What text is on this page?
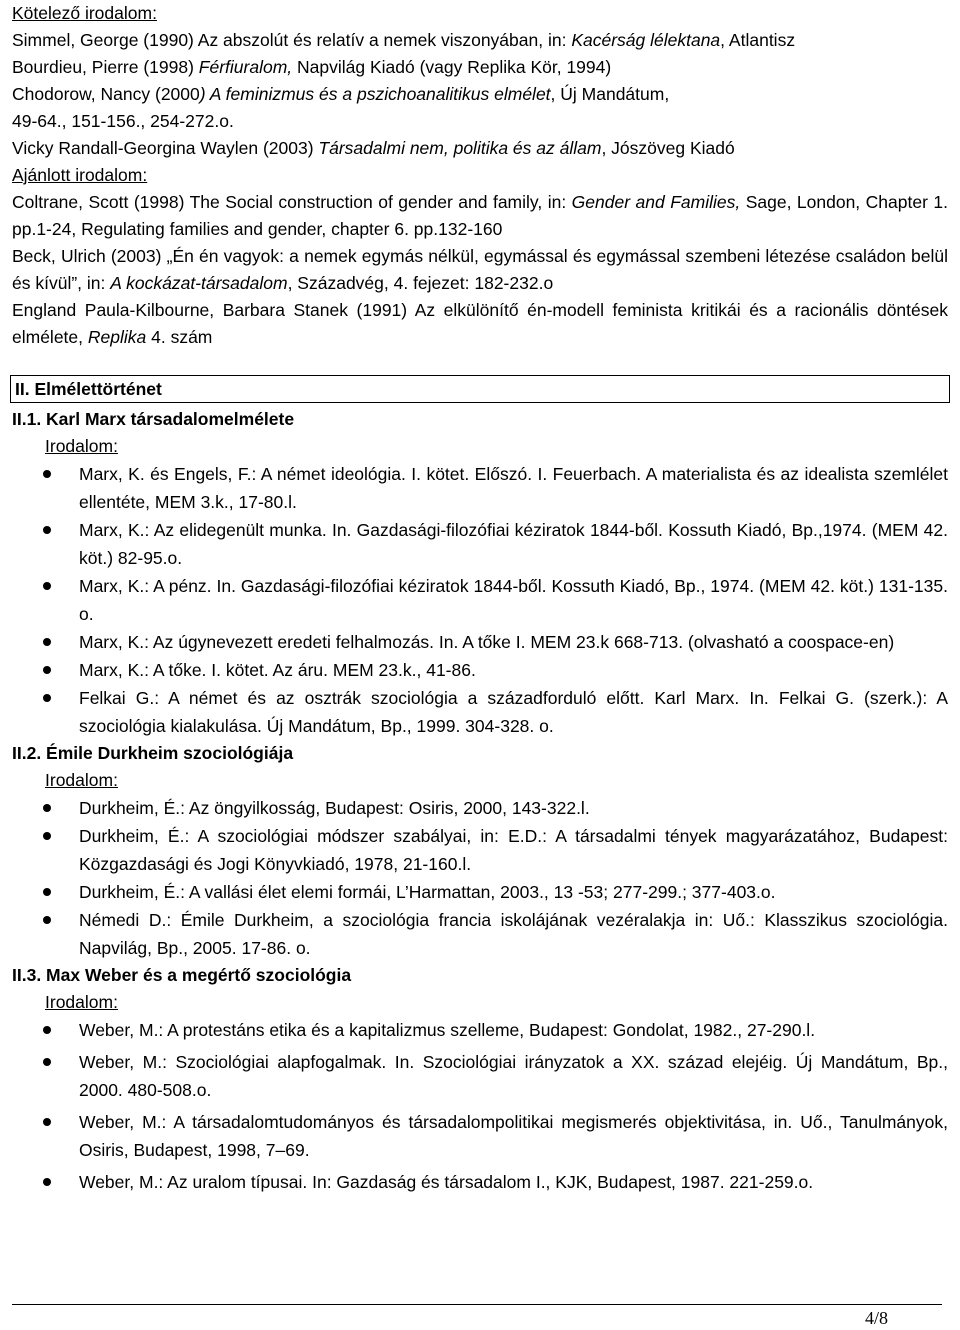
Kötelező irodalom:
Simmel, George (1990) Az abszolút és relatív a nemek viszonyában, in: Kacérság lélektana, Atlantisz
Bourdieu, Pierre (1998) Férfiuralom, Napvilág Kiadó (vagy Replika Kör, 1994)
Chodorow, Nancy (2000) A feminizmus és a pszichoanalitikus elmélet, Új Mandátum,
49-64., 151-156., 254-272.o.
Vicky Randall-Georgina Waylen (2003) Társadalmi nem, politika és az állam, Jószöveg Kiadó
Ajánlott irodalom:
Coltrane, Scott (1998) The Social construction of gender and family, in: Gender and Families, Sage, London, Chapter 1. pp.1-24, Regulating families and gender, chapter 6. pp.132-160
Beck, Ulrich (2003) „Én én vagyok: a nemek egymás nélkül, egymással és egymással szembeni létezése családon belül és kívül”, in: A kockázat-társadalom, Századvég, 4. fejezet: 182-232.o
England Paula-Kilbourne, Barbara Stanek (1991) Az elkülönítő én-modell feminista kritikái és a racionális döntések elmélete, Replika 4. szám
II. Elmélettörténet
II.1. Karl Marx társadalomelmélete
Irodalom:
Marx, K. és Engels, F.: A német ideológia. I. kötet. Előszó. I. Feuerbach. A materialista és az idealista szemlélet ellentéte, MEM 3.k., 17-80.l.
Marx, K.: Az elidegenült munka. In. Gazdasági-filozófiai kéziratok 1844-ből. Kossuth Kiadó, Bp.,1974. (MEM 42. köt.) 82-95.o.
Marx, K.: A pénz. In. Gazdasági-filozófiai kéziratok 1844-ből. Kossuth Kiadó, Bp., 1974. (MEM 42. köt.) 131-135. o.
Marx, K.: Az úgynevezett eredeti felhalmozás. In. A tőke I. MEM 23.k 668-713. (olvasható a coospace-en)
Marx, K.: A tőke. I. kötet. Az áru. MEM 23.k., 41-86.
Felkai G.: A német és az osztrák szociológia a századforduló előtt. Karl Marx. In. Felkai G. (szerk.): A szociológia kialakulása. Új Mandátum, Bp., 1999. 304-328. o.
II.2. Émile Durkheim szociológiája
Irodalom:
Durkheim, É.: Az öngyilkosság, Budapest: Osiris, 2000, 143-322.l.
Durkheim, É.: A szociológiai módszer szabályai, in: E.D.: A társadalmi tények magyarázatához, Budapest: Közgazdasági és Jogi Könyvkiadó, 1978, 21-160.l.
Durkheim, É.: A vallási élet elemi formái, L’Harmattan, 2003., 13 -53; 277-299.; 377-403.o.
Némedi D.: Émile Durkheim, a szociológia francia iskolájának vezéralakja in: Uő.: Klasszikus szociológia. Napvilág, Bp., 2005. 17-86. o.
II.3. Max Weber és a megértő szociológia
Irodalom:
Weber, M.: A protestáns etika és a kapitalizmus szelleme, Budapest: Gondolat, 1982., 27-290.l.
Weber, M.: Szociológiai alapfogalmak. In. Szociológiai irányzatok a XX. század elejéig. Új Mandátum, Bp., 2000. 480-508.o.
Weber, M.: A társadalomtudományos és társadalompolitikai megismerés objektivitása, in. Uő., Tanulmányok, Osiris, Budapest, 1998, 7–69.
Weber, M.: Az uralom típusai. In: Gazdaság és társadalom I., KJK, Budapest, 1987. 221-259.o.
4/8
